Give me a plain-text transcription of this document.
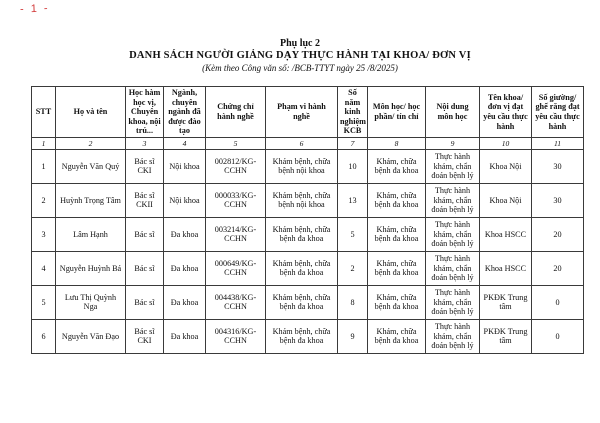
- 1 -
Phụ lục 2
DANH SÁCH NGƯỜI GIẢNG DẠY THỰC HÀNH TẠI KHOA/ ĐƠN VỊ
(Kèm theo Công văn số: /BCB-TTYT ngày 25 /8/2025)
STT	Họ và tên	Học hàm học vị, Chuyên khoa, nội trú...	Ngành, chuyên ngành đã được đào tạo	Chứng chỉ hành nghề	Phạm vi hành nghề	Số năm kinh nghiệm KCB	Môn học/ học phần/ tín chỉ	Nội dung môn học	Tên khoa/ đơn vị đạt yêu cầu thực hành	Số giường/ ghế răng đạt yêu cầu thực hành
1	2	3	4	5	6	7	8	9	10	11
1	Nguyễn Văn Quý	Bác sĩ CKI	Nội khoa	002812/KG-CCHN	Khám bệnh, chữa bệnh nội khoa	10	Khám, chữa bệnh đa khoa	Thực hành khám, chẩn đoán bệnh lý	Khoa Nội	30
2	Huỳnh Trọng Tâm	Bác sĩ CKII	Nội khoa	000033/KG-CCHN	Khám bệnh, chữa bệnh nội khoa	13	Khám, chữa bệnh đa khoa	Thực hành khám, chẩn đoán bệnh lý	Khoa Nội	30
3	Lâm Hạnh	Bác sĩ	Đa khoa	003214/KG-CCHN	Khám bệnh, chữa bệnh đa khoa	5	Khám, chữa bệnh đa khoa	Thực hành khám, chẩn đoán bệnh lý	Khoa HSCC	20
4	Nguyễn Huỳnh Bá	Bác sĩ	Đa khoa	000649/KG-CCHN	Khám bệnh, chữa bệnh đa khoa	2	Khám, chữa bệnh đa khoa	Thực hành khám, chẩn đoán bệnh lý	Khoa HSCC	20
5	Lưu Thị Quỳnh Nga	Bác sĩ	Đa khoa	004438/KG-CCHN	Khám bệnh, chữa bệnh đa khoa	8	Khám, chữa bệnh đa khoa	Thực hành khám, chẩn đoán bệnh lý	PKĐK Trung tâm	0
6	Nguyễn Văn Đạo	Bác sĩ CKI	Đa khoa	004316/KG-CCHN	Khám bệnh, chữa bệnh đa khoa	9	Khám, chữa bệnh đa khoa	Thực hành khám, chẩn đoán bệnh lý	PKĐK Trung tâm	0
